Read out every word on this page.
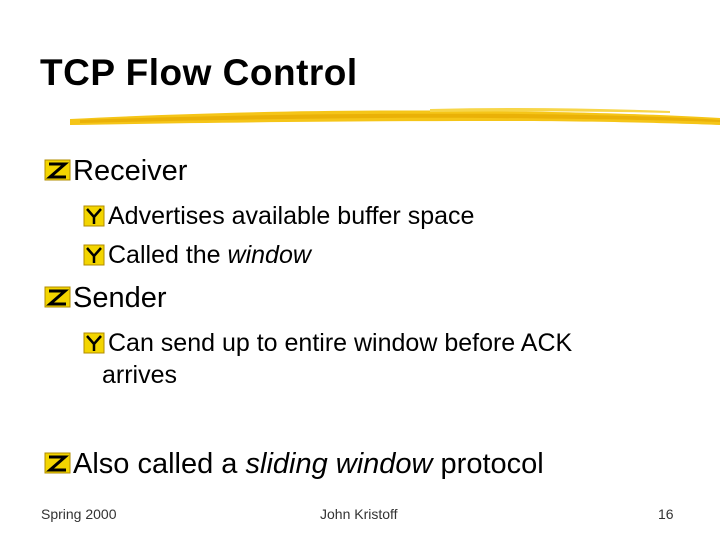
TCP Flow Control
Receiver
Advertises available buffer space
Called the window
Sender
Can send up to entire window before ACK
arrives
Also called a sliding window protocol
Spring 2000	John Kristoff	16
